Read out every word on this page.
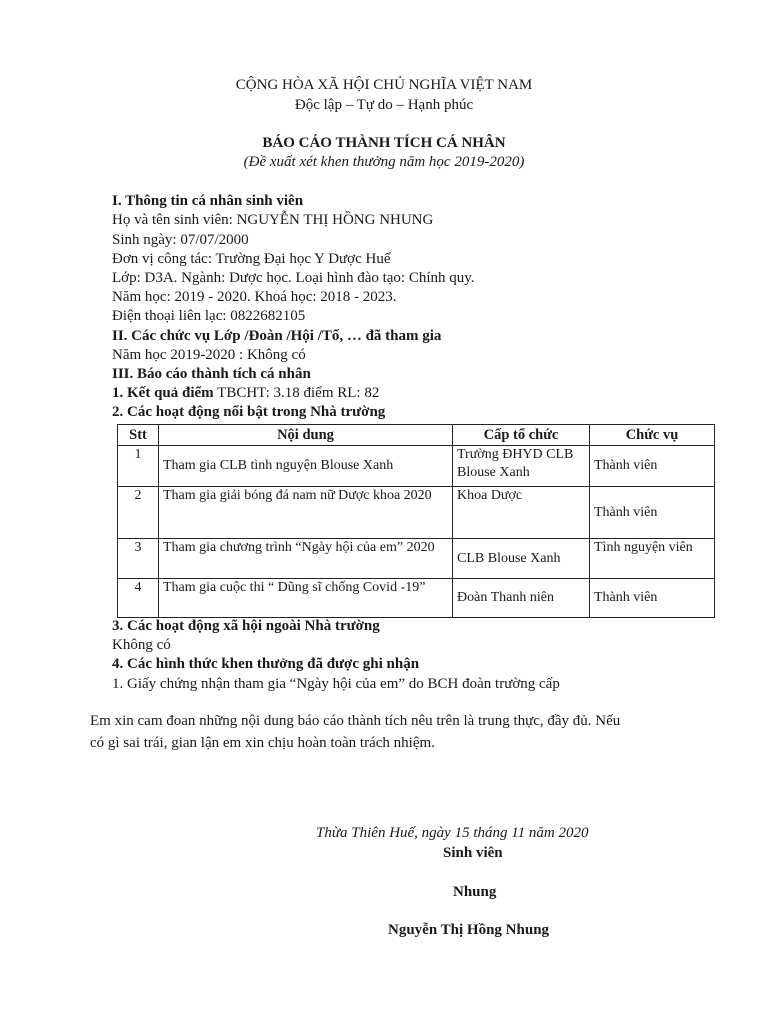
CỘNG HÒA XÃ HỘI CHỦ NGHĨA VIỆT NAM
Độc lập – Tự do – Hạnh phúc
BÁO CÁO THÀNH TÍCH CÁ NHÂN
(Đề xuất xét khen thưởng năm học 2019-2020)
I. Thông tin cá nhân sinh viên
Họ và tên sinh viên: NGUYỄN THỊ HỒNG NHUNG
Sinh ngày: 07/07/2000
Đơn vị công tác: Trường Đại học Y Dược Huế
Lớp: D3A. Ngành: Dược học. Loại hình đào tạo: Chính quy.
Năm học: 2019 - 2020. Khoá học: 2018 - 2023.
Điện thoại liên lạc: 0822682105
II. Các chức vụ Lớp /Đoàn /Hội /Tổ, … đã tham gia
Năm học 2019-2020 : Không có
III. Báo cáo thành tích cá nhân
1. Kết quả điểm TBCHT: 3.18 điểm RL: 82
2. Các hoạt động nổi bật trong Nhà trường
Stt	Nội dung	Cấp tổ chức	Chức vụ
1	Tham gia CLB tình nguyện Blouse Xanh	Trường ĐHYD CLB Blouse Xanh	Thành viên
2	Tham gia giải bóng đá nam nữ Dược khoa 2020	Khoa Dược	Thành viên
3	Tham gia chương trình “Ngày hội của em” 2020	CLB Blouse Xanh	Tình nguyện viên
4	Tham gia cuộc thi “ Dũng sĩ chống Covid -19”	Đoàn Thanh niên	Thành viên
3. Các hoạt động xã hội ngoài Nhà trường
Không có
4. Các hình thức khen thưởng đã được ghi nhận
1. Giấy chứng nhận tham gia “Ngày hội của em” do BCH đoàn trường cấp
Em xin cam đoan những nội dung báo cáo thành tích nêu trên là trung thực, đầy đủ. Nếu
có gì sai trái, gian lận em xin chịu hoàn toàn trách nhiệm.
Thừa Thiên Huế, ngày 15 tháng 11 năm 2020
Sinh viên
Nhung
Nguyễn Thị Hồng Nhung
